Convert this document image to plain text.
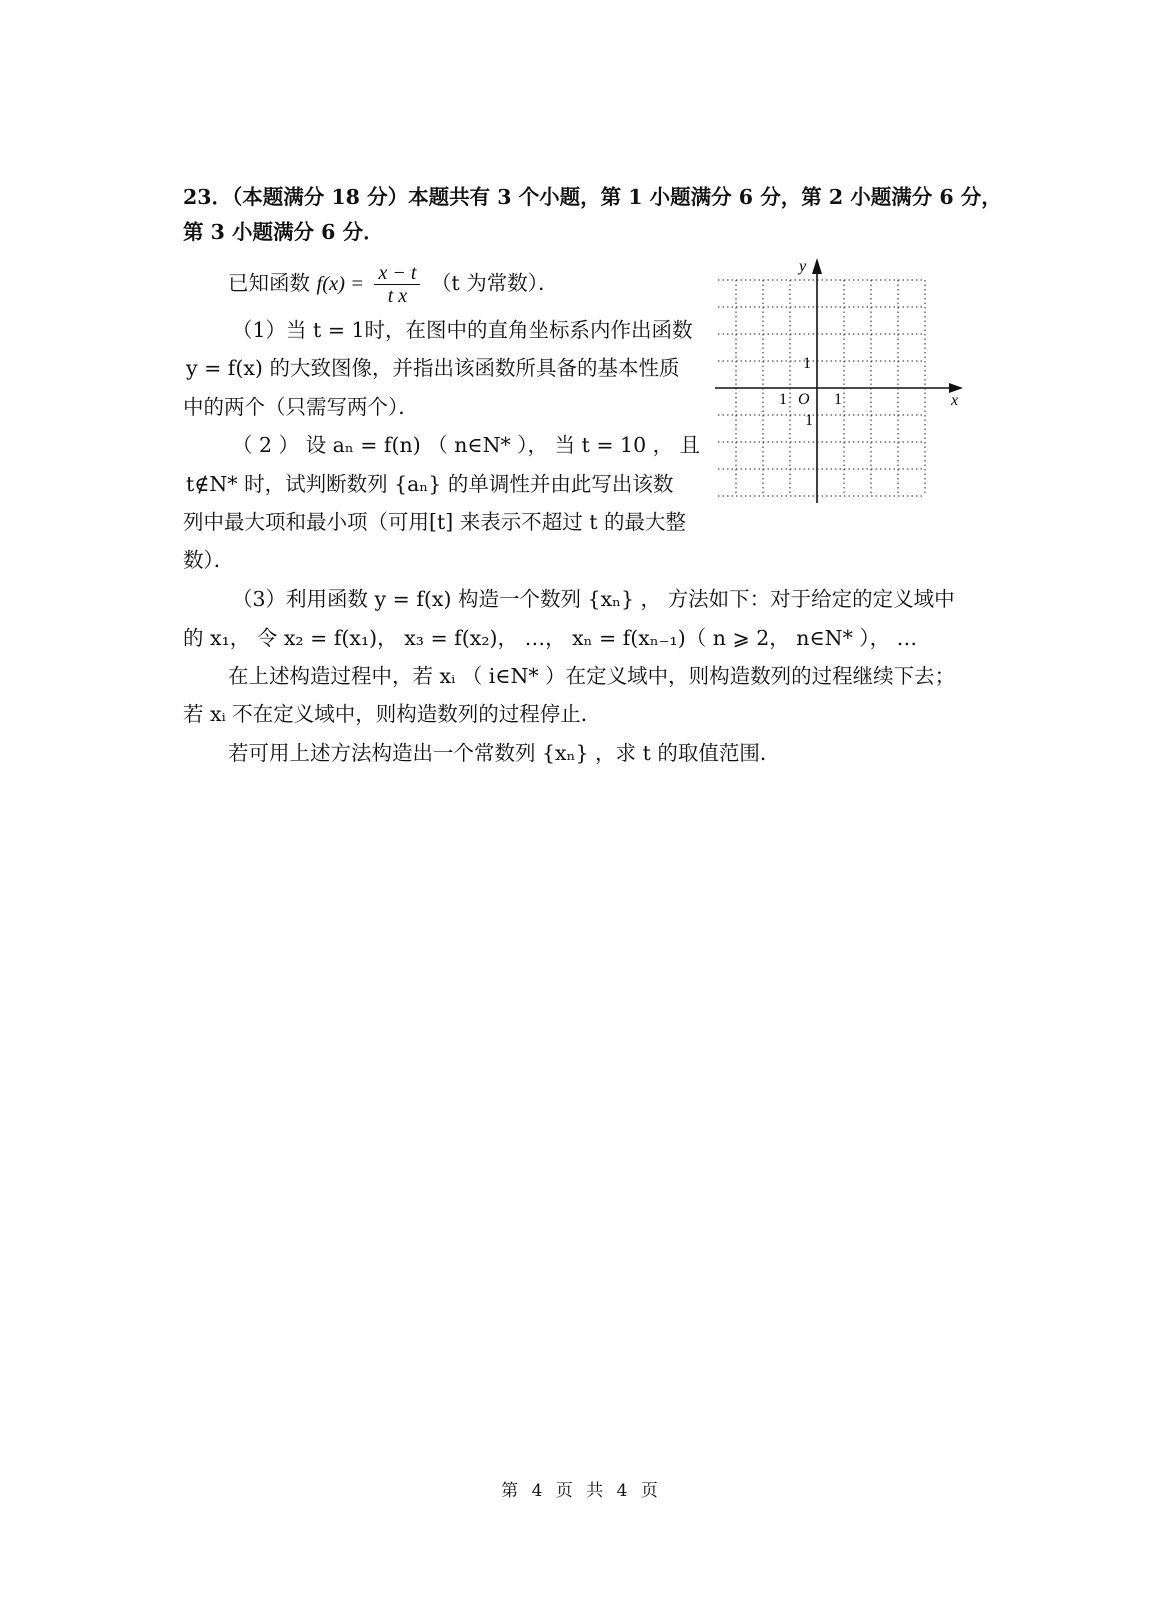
23．（本题满分 18 分）本题共有 3 个小题，第 1 小题满分 6 分，第 2 小题满分 6 分，
第 3 小题满分 6 分．
已知函数 $f(x) = \frac{x - t}{\text{t x}} (t$ 为常数）．
（1）当 t = 1时，在图中的直角坐标系内作出函数
y = f(x) 的大致图像，并指出该函数所具备的基本性质
中的两个（只需写两个）．
（ 2 ） 设 aₙ = f(n) （ n∈N* ）， 当 t = 10 ， 且
t∉N* 时，试判断数列 {aₙ} 的单调性并由此写出该数
列中最大项和最小项（可用[t] 来表示不超过 t 的最大整
数）．
（3）利用函数 y = f(x) 构造一个数列 {xₙ} ， 方法如下：对于给定的定义域中
的 x₁， 令 x₂ = f(x₁)， x₃ = f(x₂)， …， xₙ = f(xₙ₋₁)（ n ⩾ 2， n∈N* ）， …
在上述构造过程中，若 xᵢ （ i∈N* ）在定义域中，则构造数列的过程继续下去；
若 xᵢ 不在定义域中，则构造数列的过程停止．
若可用上述方法构造出一个常数列 {xₙ} ，求 t 的取值范围．
y
x
O 1
1
1
1
第 4 页 共 4 页
